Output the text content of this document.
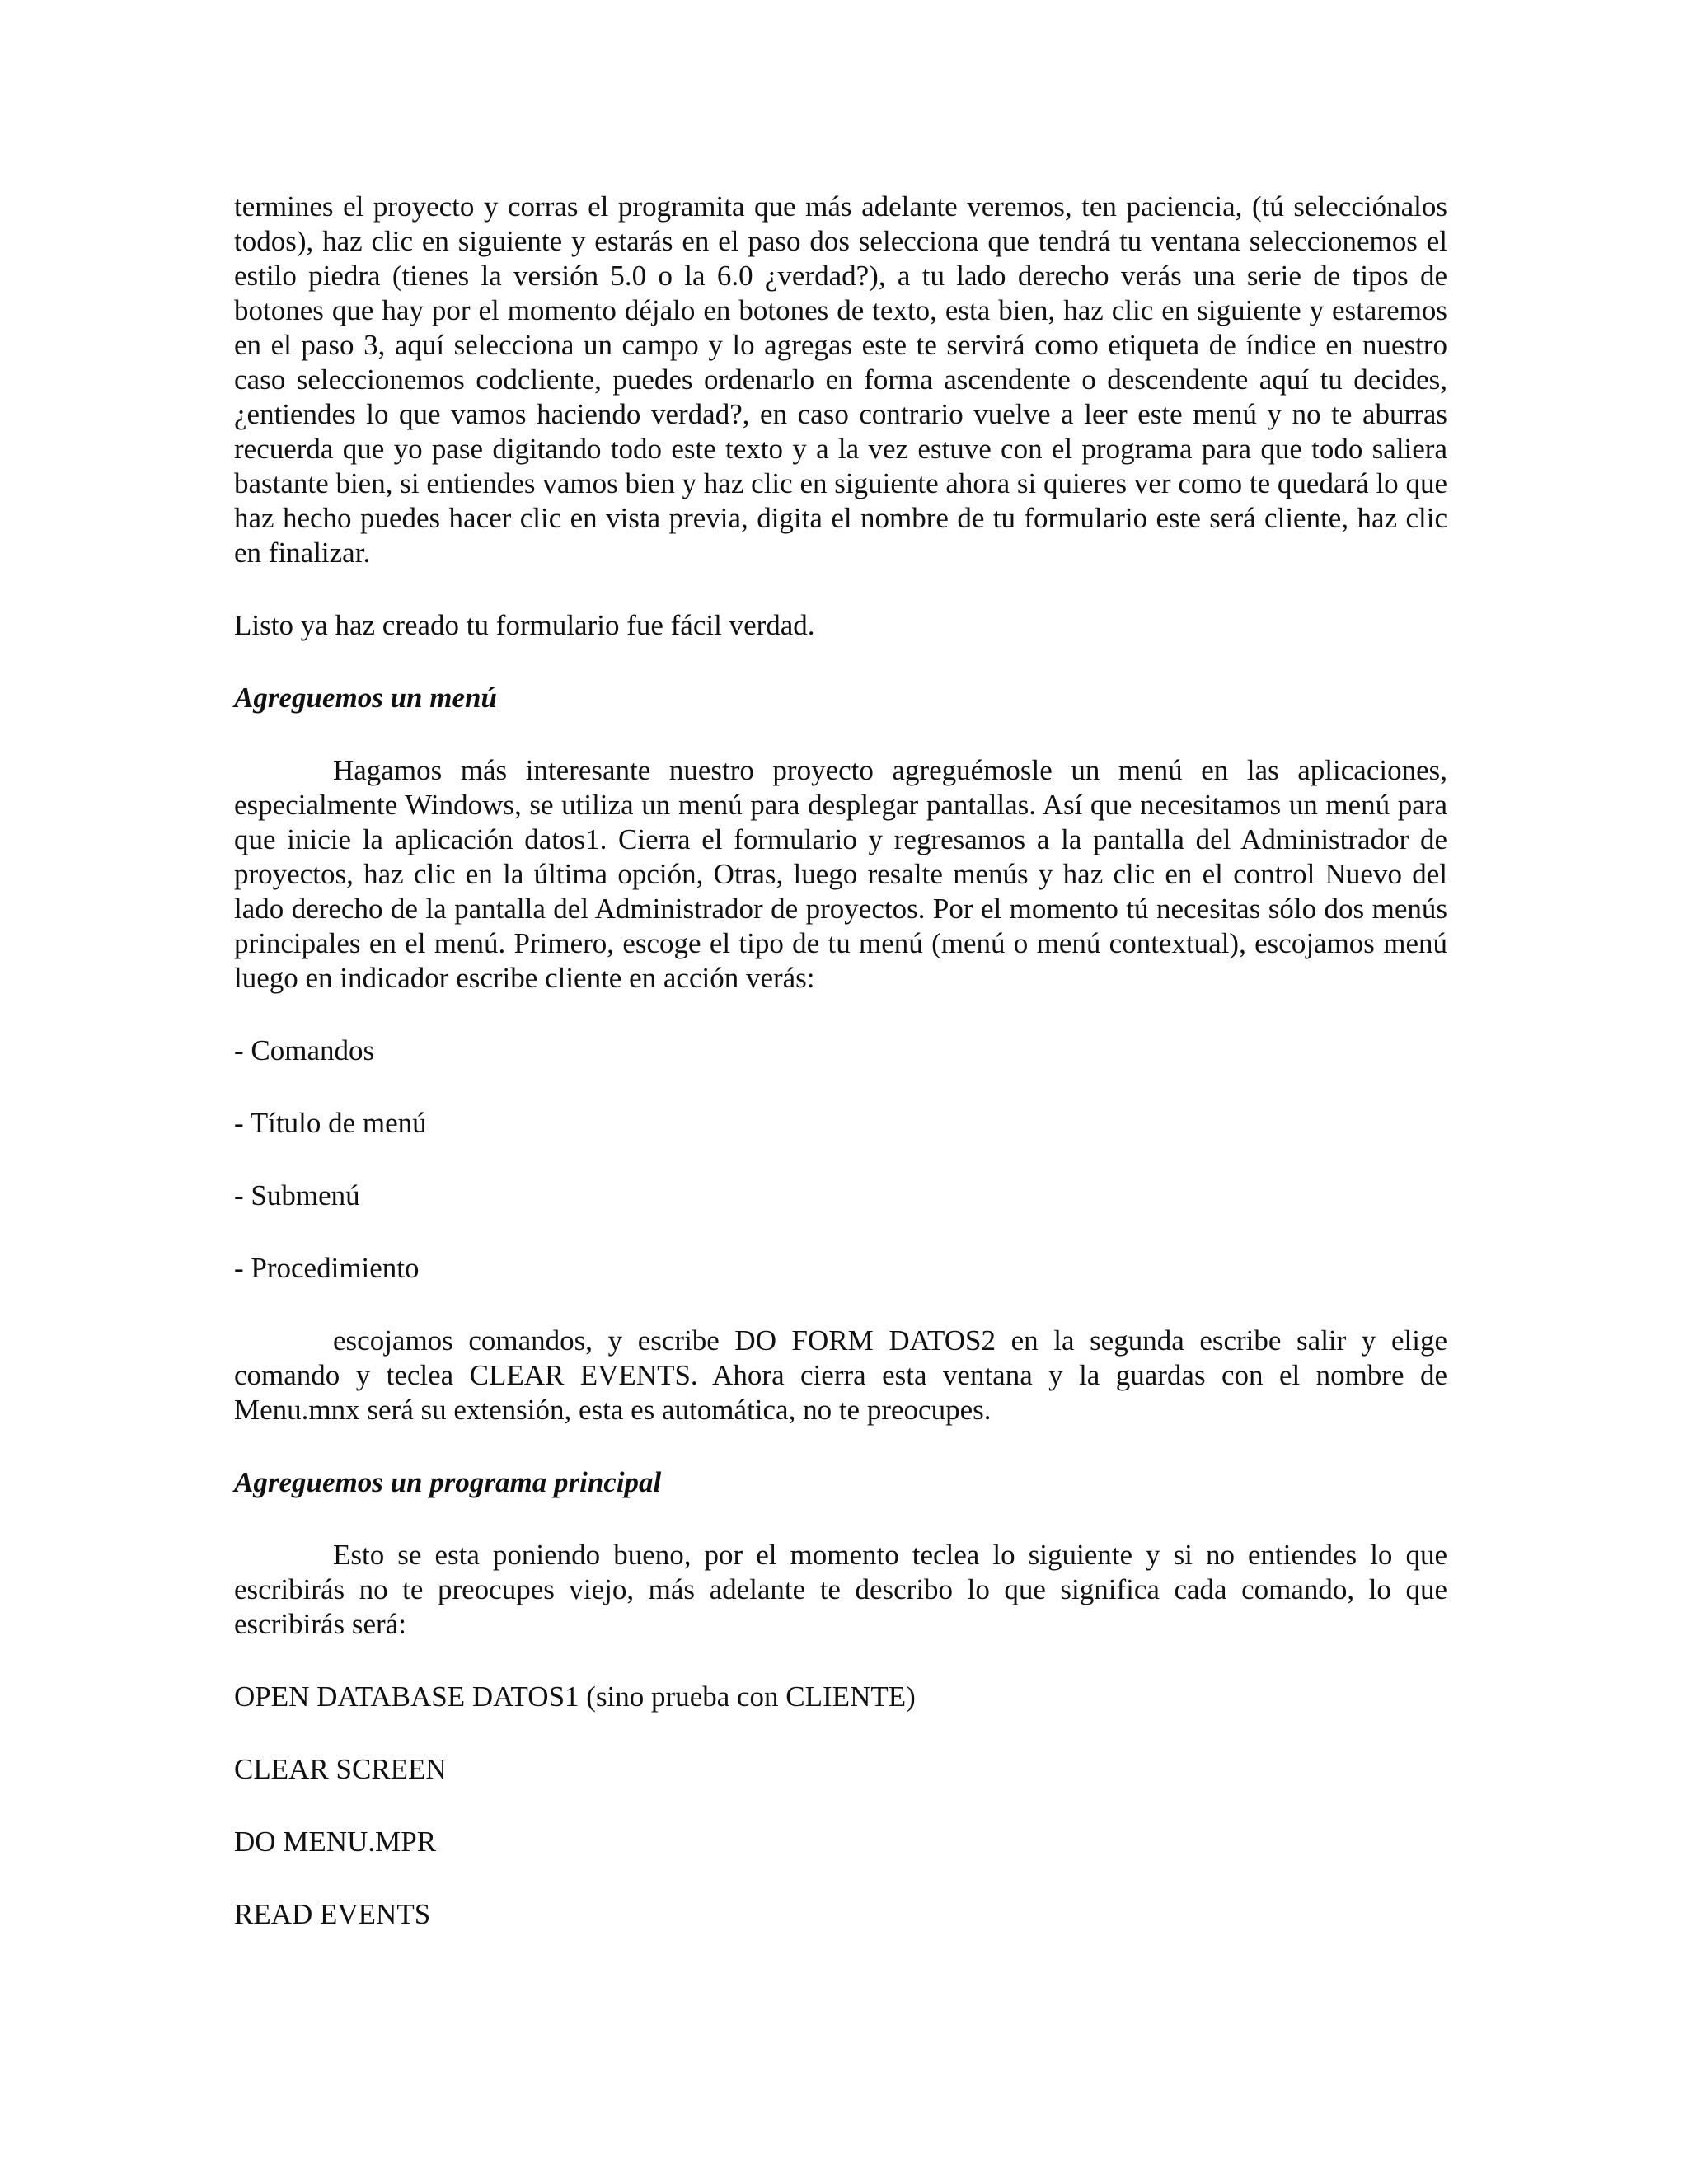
termines el proyecto y corras el programita que más adelante veremos, ten paciencia, (tú selecciónalos todos), haz clic en siguiente y estarás en el paso dos selecciona que tendrá tu ventana seleccionemos el estilo piedra (tienes la versión 5.0 o la 6.0 ¿verdad?), a tu lado derecho verás una serie de tipos de botones que hay por el momento déjalo en botones de texto, esta bien, haz clic en siguiente y estaremos en el paso 3, aquí selecciona un campo y lo agregas este te servirá como etiqueta de índice en nuestro caso seleccionemos codcliente, puedes ordenarlo en forma ascendente o descendente aquí tu decides, ¿entiendes lo que vamos haciendo verdad?, en caso contrario vuelve a leer este menú y no te aburras recuerda que yo pase digitando todo este texto y a la vez estuve con el programa para que todo saliera bastante bien, si entiendes vamos bien y haz clic en siguiente ahora si quieres ver como te quedará lo que haz hecho puedes hacer clic en vista previa, digita el nombre de tu formulario este será cliente, haz clic en finalizar.

Listo ya haz creado tu formulario fue fácil verdad.

Agreguemos un menú

Hagamos más interesante nuestro proyecto agreguémosle un menú en las aplicaciones, especialmente Windows, se utiliza un menú para desplegar pantallas. Así que necesitamos un menú para que inicie la aplicación datos1. Cierra el formulario y regresamos a la pantalla del Administrador de proyectos, haz clic en la última opción, Otras, luego resalte menús y haz clic en el control Nuevo del lado derecho de la pantalla del Administrador de proyectos. Por el momento tú necesitas sólo dos menús principales en el menú. Primero, escoge el tipo de tu menú (menú o menú contextual), escojamos menú luego en indicador escribe cliente en acción verás:

- Comandos

- Título de menú

- Submenú

- Procedimiento

escojamos comandos, y escribe DO FORM DATOS2 en la segunda escribe salir y elige comando y teclea CLEAR EVENTS. Ahora cierra esta ventana y la guardas con el nombre de Menu.mnx será su extensión, esta es automática, no te preocupes.

Agreguemos un programa principal

Esto se esta poniendo bueno, por el momento teclea lo siguiente y si no entiendes lo que escribirás no te preocupes viejo, más adelante te describo lo que significa cada comando, lo que escribirás será:

OPEN DATABASE DATOS1 (sino prueba con CLIENTE)

CLEAR SCREEN

DO MENU.MPR

READ EVENTS
